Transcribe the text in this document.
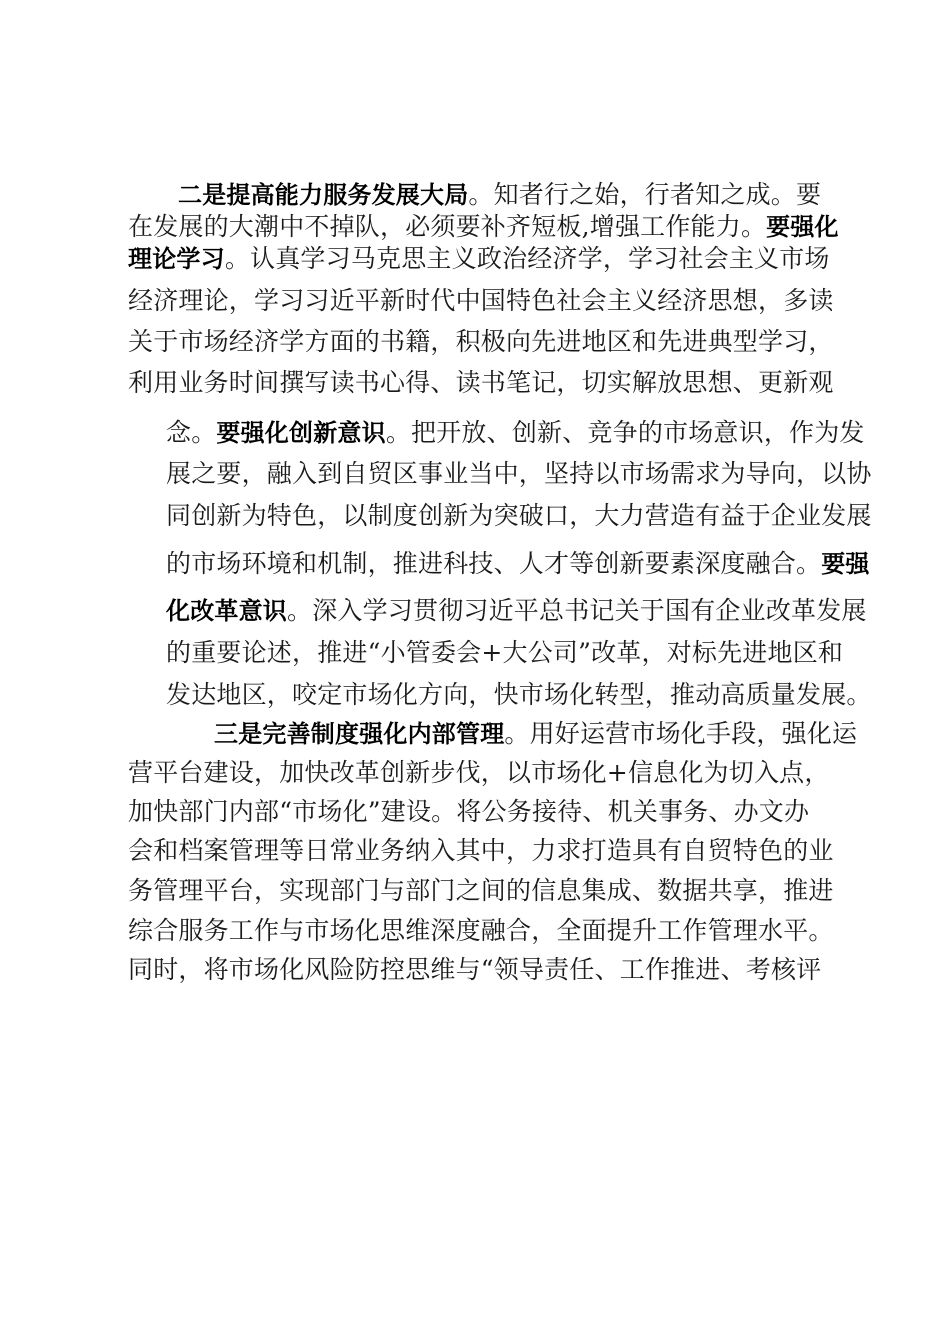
二是提高能力服务发展大局。知者行之始，行者知之成。要
在发展的大潮中不掉队，必须要补齐短板,增强工作能力。要强化
理论学习。认真学习马克思主义政治经济学，学习社会主义市场
经济理论，学习习近平新时代中国特色社会主义经济思想，多读
关于市场经济学方面的书籍，积极向先进地区和先进典型学习，
利用业务时间撰写读书心得、读书笔记，切实解放思想、更新观
念。要强化创新意识。把开放、创新、竞争的市场意识，作为发
展之要，融入到自贸区事业当中，坚持以市场需求为导向，以协
同创新为特色，以制度创新为突破口，大力营造有益于企业发展
的市场环境和机制，推进科技、人才等创新要素深度融合。要强
化改革意识。深入学习贯彻习近平总书记关于国有企业改革发展
的重要论述，推进“小管委会+大公司”改革，对标先进地区和
发达地区，咬定市场化方向，快市场化转型，推动高质量发展。
三是完善制度强化内部管理。用好运营市场化手段，强化运
营平台建设，加快改革创新步伐，以市场化+信息化为切入点，
加快部门内部“市场化”建设。将公务接待、机关事务、办文办
会和档案管理等日常业务纳入其中，力求打造具有自贸特色的业
务管理平台，实现部门与部门之间的信息集成、数据共享，推进
综合服务工作与市场化思维深度融合，全面提升工作管理水平。
同时，将市场化风险防控思维与“领导责任、工作推进、考核评
